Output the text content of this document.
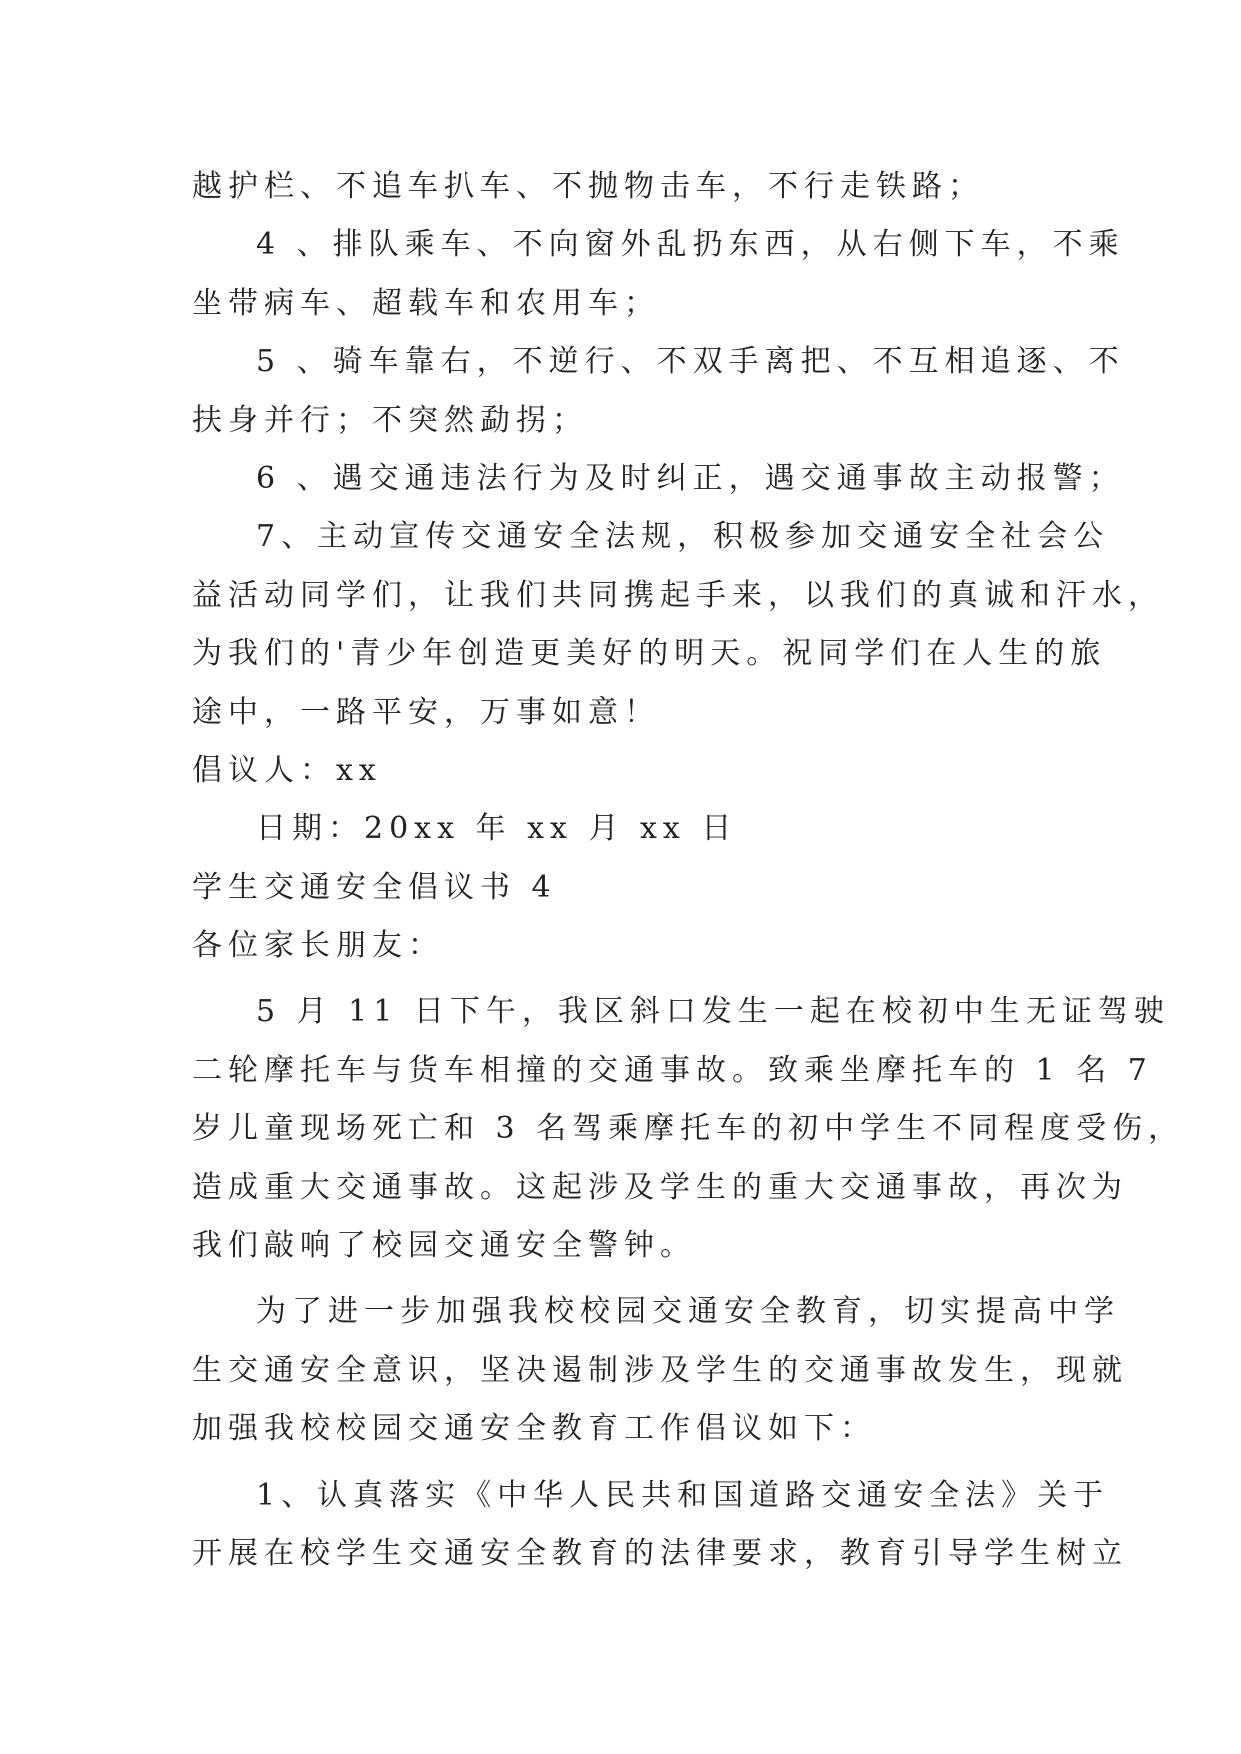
越护栏、不追车扒车、不抛物击车，不行走铁路；

4 、排队乘车、不向窗外乱扔东西，从右侧下车，不乘

坐带病车、超载车和农用车；

5 、骑车靠右，不逆行、不双手离把、不互相追逐、不

扶身并行；不突然勐拐；

6 、遇交通违法行为及时纠正，遇交通事故主动报警；

7、主动宣传交通安全法规，积极参加交通安全社会公

益活动同学们，让我们共同携起手来，以我们的真诚和汗水，

为我们的'青少年创造更美好的明天。祝同学们在人生的旅

途中，一路平安，万事如意！

倡议人：xx

日期：20xx 年 xx 月 xx 日

学生交通安全倡议书 4

各位家长朋友：

5 月 11 日下午，我区斜口发生一起在校初中生无证驾驶

二轮摩托车与货车相撞的交通事故。致乘坐摩托车的 1 名 7

岁儿童现场死亡和 3 名驾乘摩托车的初中学生不同程度受伤，

造成重大交通事故。这起涉及学生的重大交通事故，再次为

我们敲响了校园交通安全警钟。

为了进一步加强我校校园交通安全教育，切实提高中学

生交通安全意识，坚决遏制涉及学生的交通事故发生，现就

加强我校校园交通安全教育工作倡议如下：

1、认真落实《中华人民共和国道路交通安全法》关于

开展在校学生交通安全教育的法律要求，教育引导学生树立
